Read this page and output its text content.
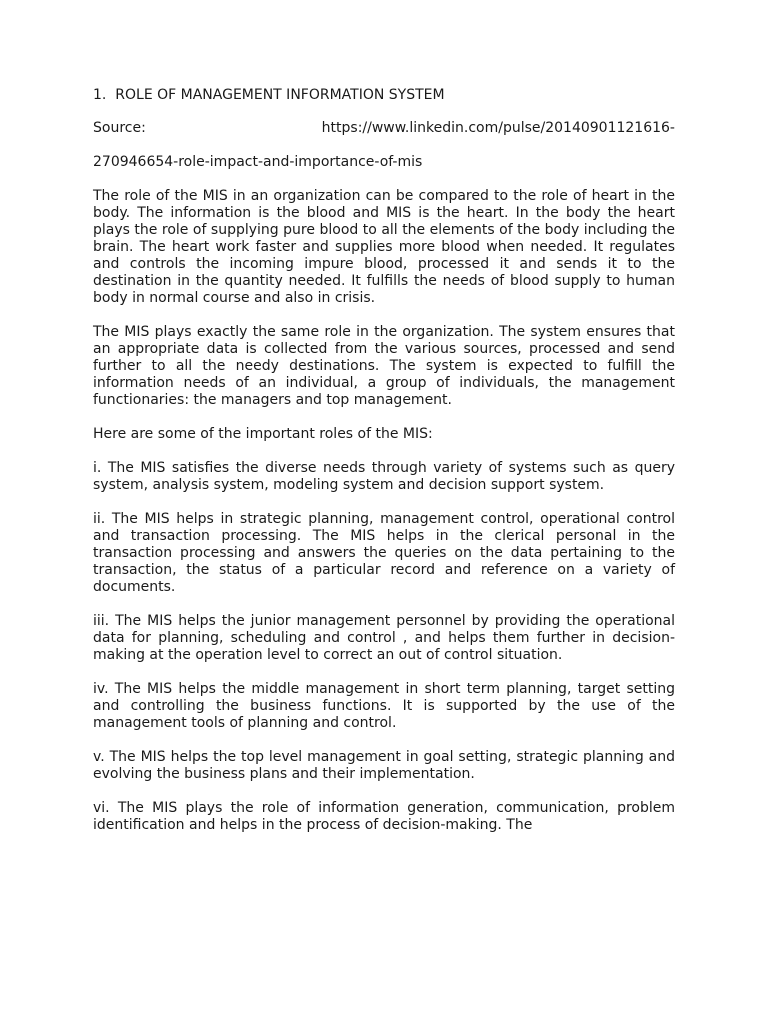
1. ROLE OF MANAGEMENT INFORMATION SYSTEM
Source:	https://www.linkedin.com/pulse/20140901121616-
270946654-role-impact-and-importance-of-mis

The role of the MIS in an organization can be compared to the role of heart in the body. The information is the blood and MIS is the heart. In the body the heart plays the role of supplying pure blood to all the elements of the body including the brain. The heart work faster and supplies more blood when needed. It regulates and controls the incoming impure blood, processed it and sends it to the destination in the quantity needed. It fulfills the needs of blood supply to human body in normal course and also in crisis.

The MIS plays exactly the same role in the organization. The system ensures that an appropriate data is collected from the various sources, processed and send further to all the needy destinations. The system is expected to fulfill the information needs of an individual, a group of individuals, the management functionaries: the managers and top management.

Here are some of the important roles of the MIS:

i. The MIS satisfies the diverse needs through variety of systems such as query system, analysis system, modeling system and decision support system.

ii. The MIS helps in strategic planning, management control, operational control and transaction processing. The MIS helps in the clerical personal in the transaction processing and answers the queries on the data pertaining to the transaction, the status of a particular record and reference on a variety of documents.

iii. The MIS helps the junior management personnel by providing the operational data for planning, scheduling and control , and helps them further in decision-making at the operation level to correct an out of control situation.

iv. The MIS helps the middle management in short term planning, target setting and controlling the business functions. It is supported by the use of the management tools of planning and control.

v. The MIS helps the top level management in goal setting, strategic planning and evolving the business plans and their implementation.

vi. The MIS plays the role of information generation, communication, problem identification and helps in the process of decision-making. The
